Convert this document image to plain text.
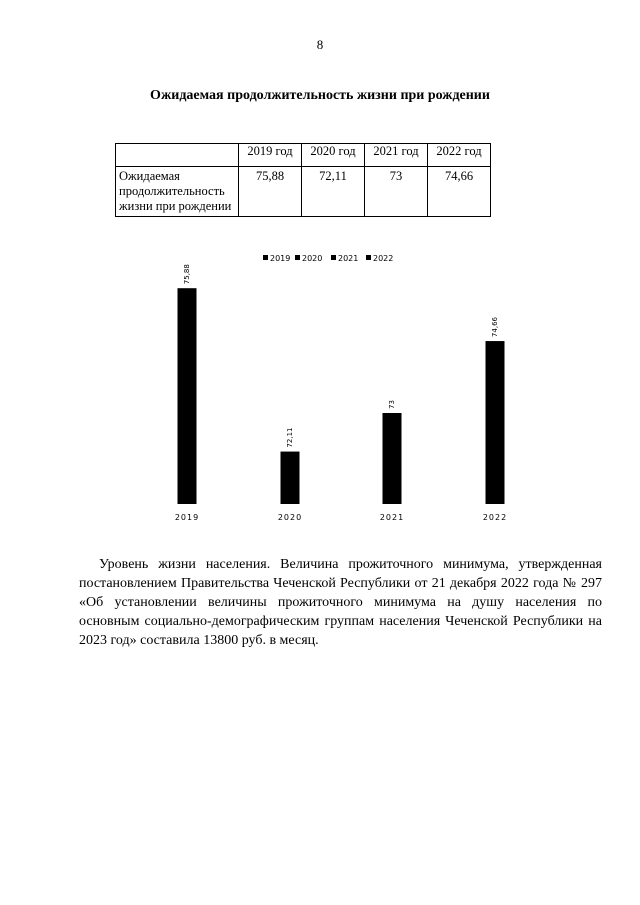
8
Ожидаемая продолжительность жизни при рождении
	2019 год	2020 год	2021 год	2022 год
Ожидаемая продолжительность жизни при рождении	75,88	72,11	73	74,66
2019 2020 2021 2022
75,88
2019
72,11
2020
73
2021
74,66
2022
Уровень жизни населения. Величина прожиточного минимума, утвержденная постановлением Правительства Чеченской Республики от 21 декабря 2022 года № 297 «Об установлении величины прожиточного минимума на душу населения по основным социально-демографическим группам населения Чеченской Республики на 2023 год» составила 13800 руб. в месяц.
